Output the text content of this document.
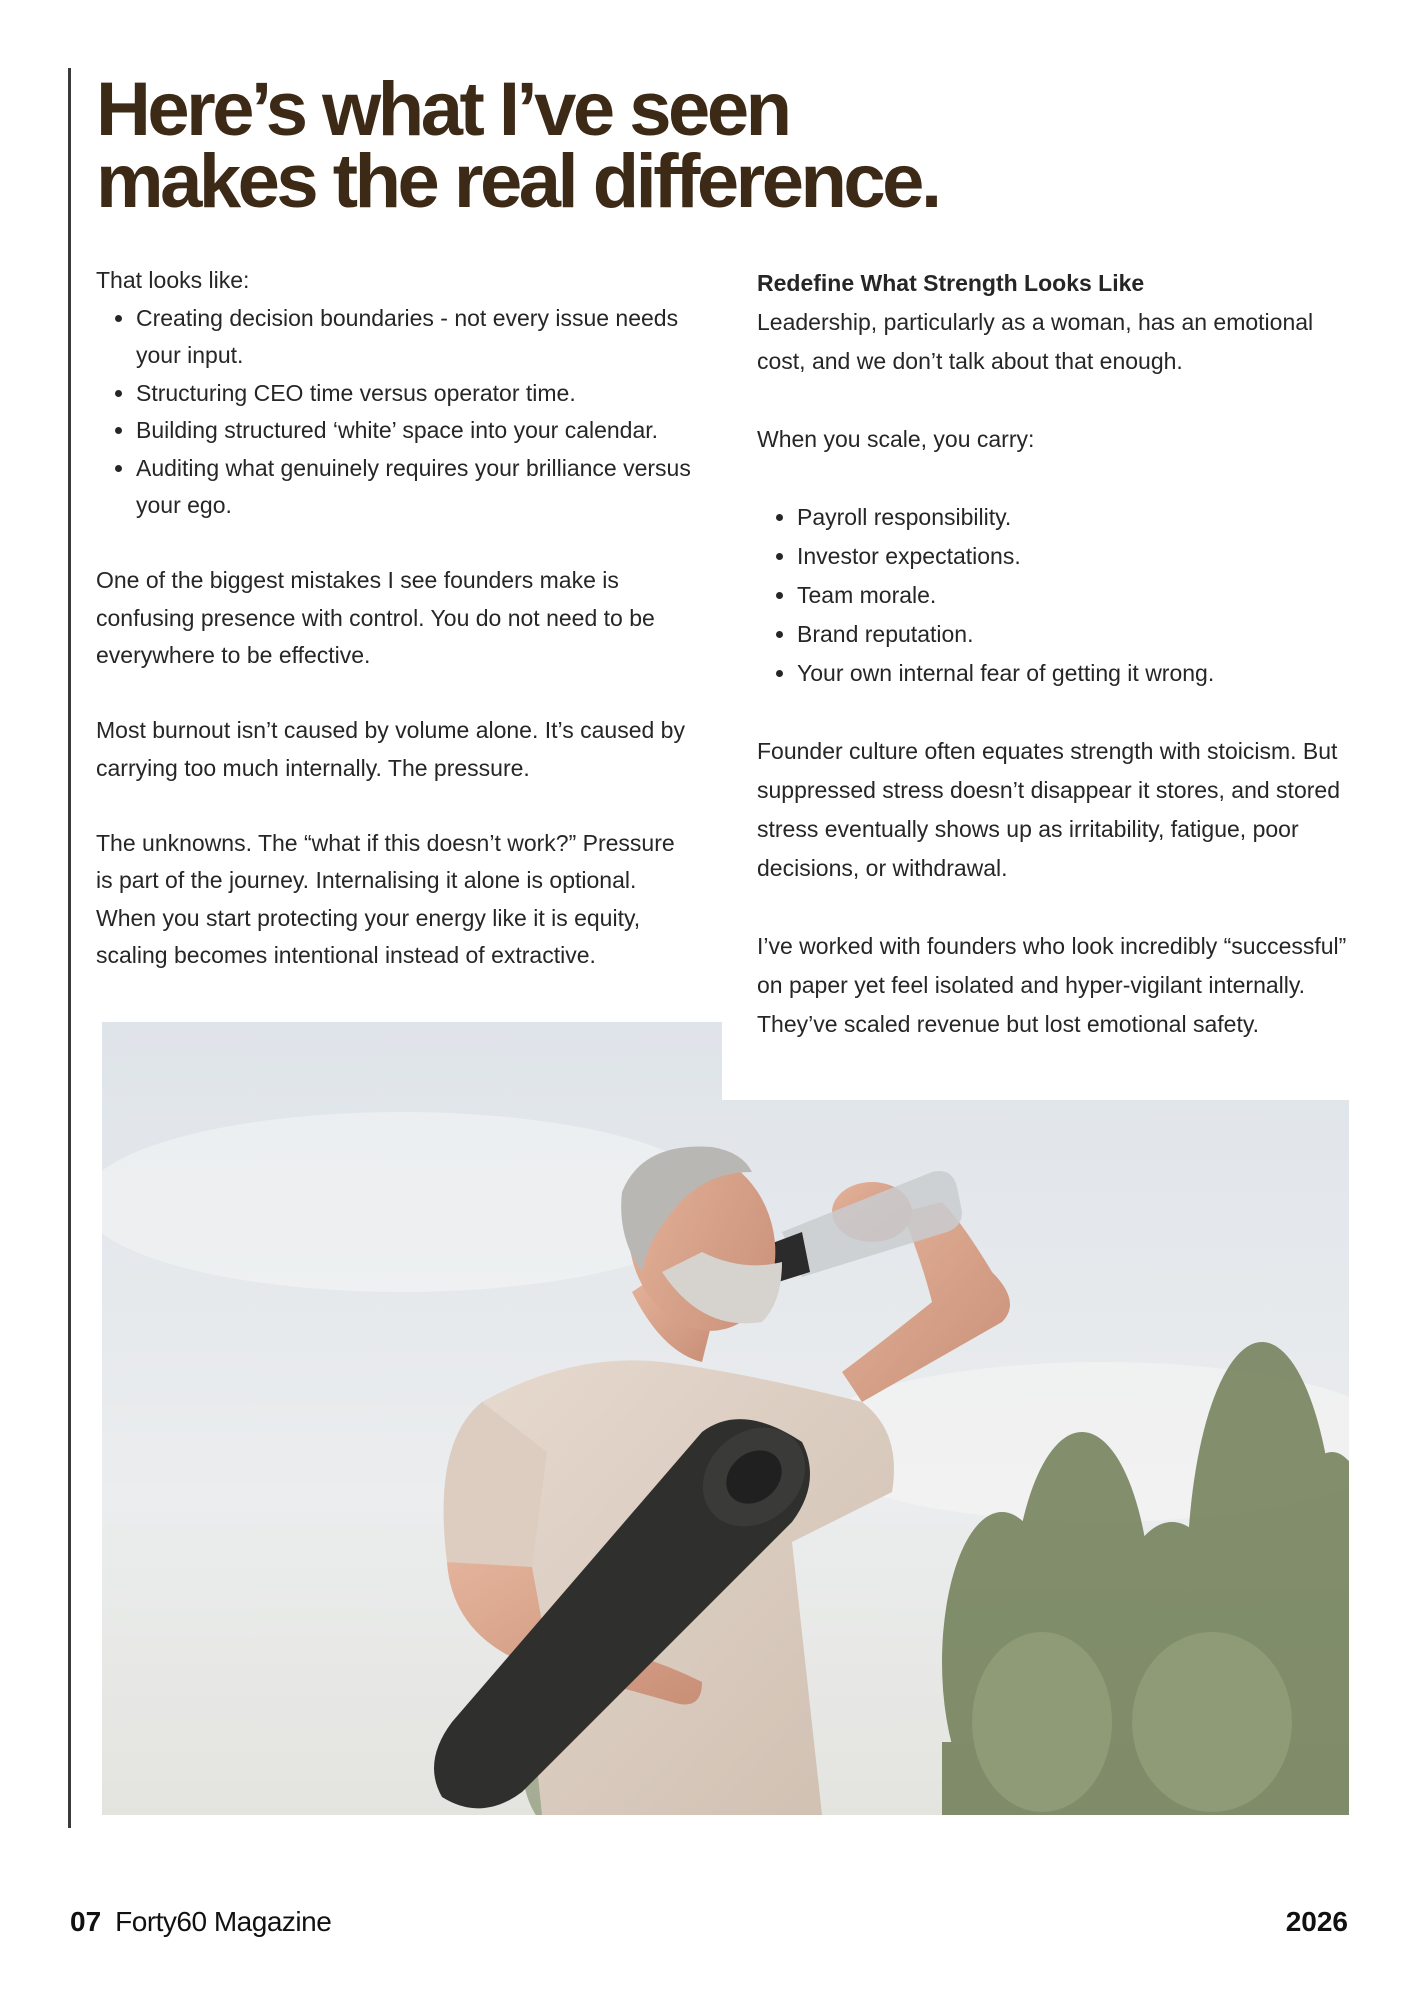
Here’s what I’ve seen
makes the real difference.

That looks like:

• Creating decision boundaries - not every issue needs your input.
• Structuring CEO time versus operator time.
• Building structured ‘white’ space into your calendar.
• Auditing what genuinely requires your brilliance versus your ego.

One of the biggest mistakes I see founders make is confusing presence with control. You do not need to be everywhere to be effective.

Most burnout isn’t caused by volume alone. It’s caused by carrying too much internally. The pressure.

The unknowns. The “what if this doesn’t work?” Pressure is part of the journey. Internalising it alone is optional. When you start protecting your energy like it is equity, scaling becomes intentional instead of extractive.

Redefine What Strength Looks Like

Leadership, particularly as a woman, has an emotional cost, and we don’t talk about that enough.

When you scale, you carry:

• Payroll responsibility.
• Investor expectations.
• Team morale.
• Brand reputation.
• Your own internal fear of getting it wrong.

Founder culture often equates strength with stoicism. But suppressed stress doesn’t disappear it stores, and stored stress eventually shows up as irritability, fatigue, poor decisions, or withdrawal.

I’ve worked with founders who look incredibly “successful” on paper yet feel isolated and hyper-vigilant internally. They’ve scaled revenue but lost emotional safety.

07 Forty60 Magazine	2026
